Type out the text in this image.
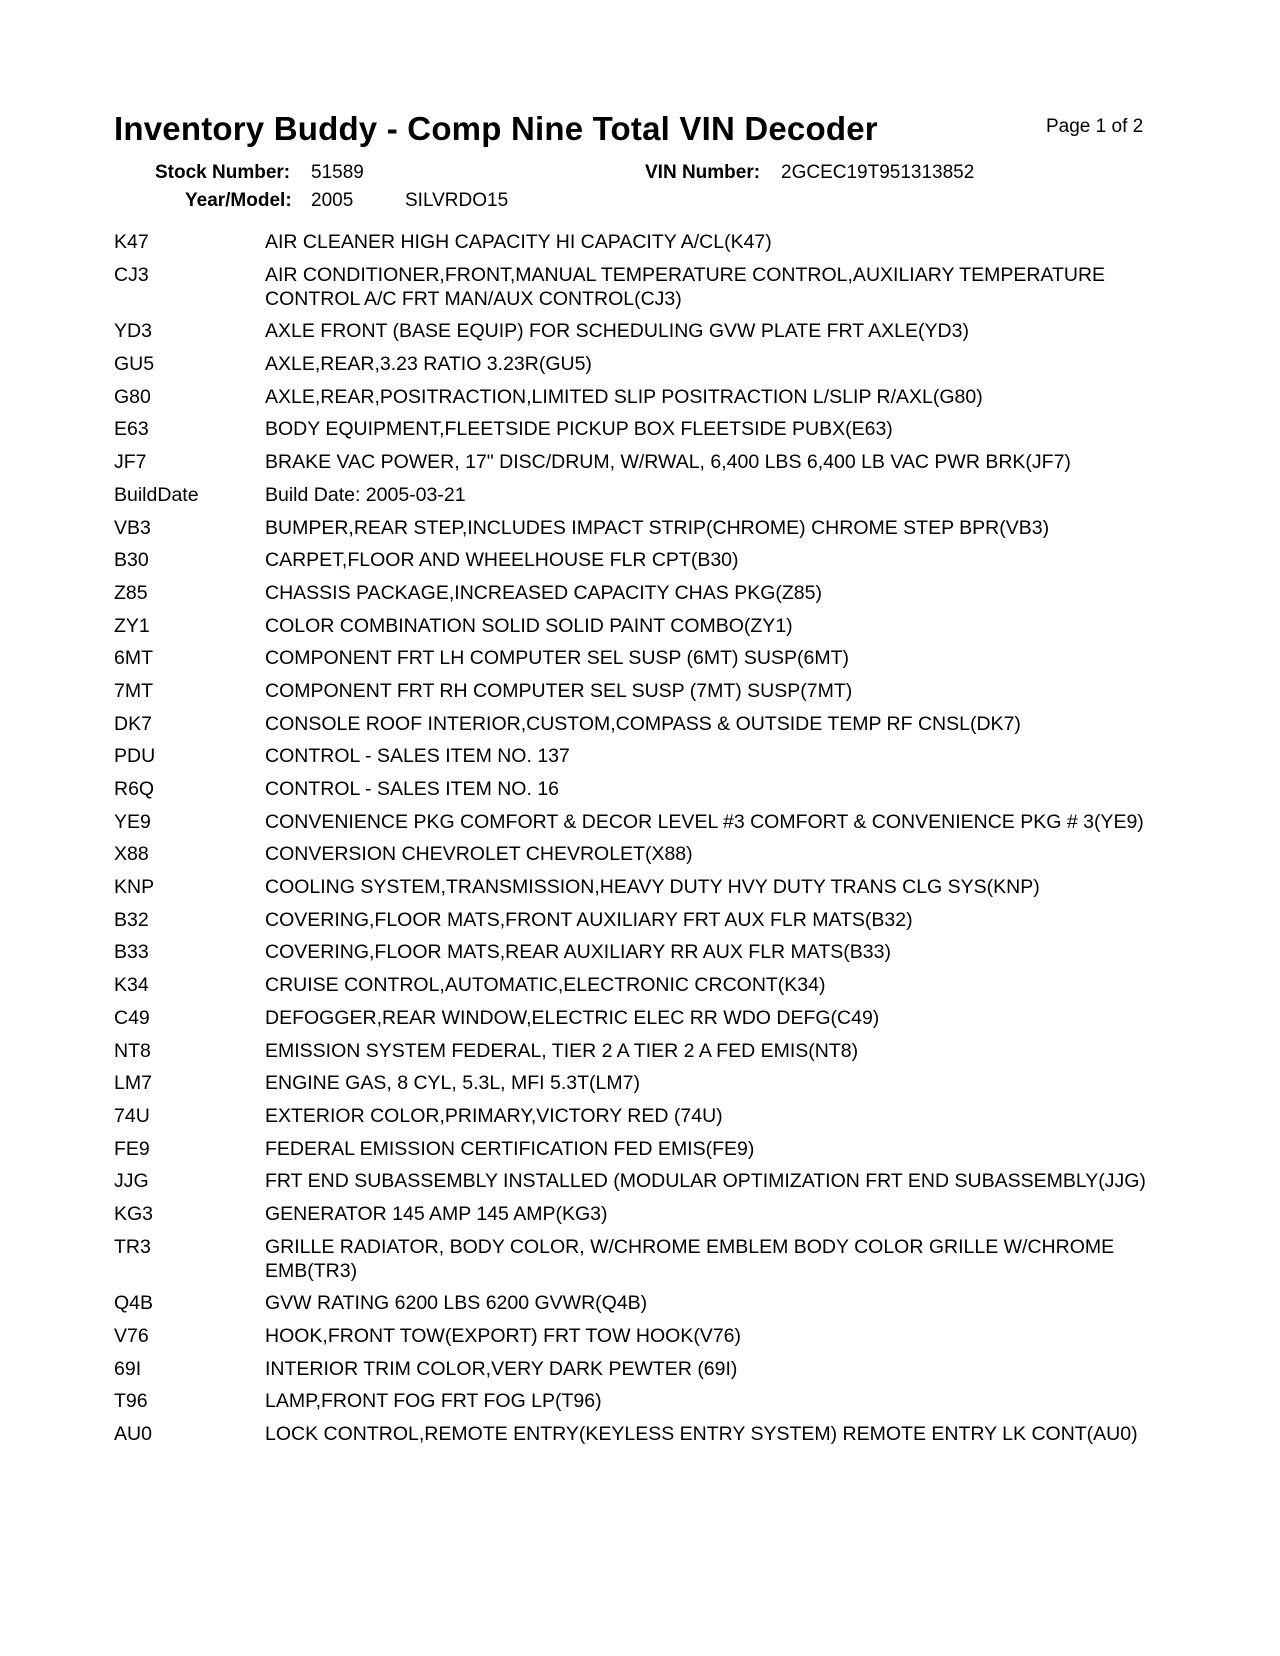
Inventory Buddy - Comp Nine Total VIN Decoder	Page 1 of 2
Stock Number: 51589	VIN Number: 2GCEC19T951313852
Year/Model: 2005	SILVRDO15
K47	AIR CLEANER HIGH CAPACITY HI CAPACITY A/CL(K47)
CJ3	AIR CONDITIONER,FRONT,MANUAL TEMPERATURE CONTROL,AUXILIARY TEMPERATURE CONTROL A/C FRT MAN/AUX CONTROL(CJ3)
YD3	AXLE FRONT (BASE EQUIP) FOR SCHEDULING GVW PLATE FRT AXLE(YD3)
GU5	AXLE,REAR,3.23 RATIO 3.23R(GU5)
G80	AXLE,REAR,POSITRACTION,LIMITED SLIP POSITRACTION L/SLIP R/AXL(G80)
E63	BODY EQUIPMENT,FLEETSIDE PICKUP BOX FLEETSIDE PUBX(E63)
JF7	BRAKE VAC POWER, 17" DISC/DRUM, W/RWAL, 6,400 LBS 6,400 LB VAC PWR BRK(JF7)
BuildDate	Build Date: 2005-03-21
VB3	BUMPER,REAR STEP,INCLUDES IMPACT STRIP(CHROME) CHROME STEP BPR(VB3)
B30	CARPET,FLOOR AND WHEELHOUSE FLR CPT(B30)
Z85	CHASSIS PACKAGE,INCREASED CAPACITY CHAS PKG(Z85)
ZY1	COLOR COMBINATION SOLID SOLID PAINT COMBO(ZY1)
6MT	COMPONENT FRT LH COMPUTER SEL SUSP (6MT) SUSP(6MT)
7MT	COMPONENT FRT RH COMPUTER SEL SUSP (7MT) SUSP(7MT)
DK7	CONSOLE ROOF INTERIOR,CUSTOM,COMPASS & OUTSIDE TEMP RF CNSL(DK7)
PDU	CONTROL - SALES ITEM NO. 137
R6Q	CONTROL - SALES ITEM NO. 16
YE9	CONVENIENCE PKG COMFORT & DECOR LEVEL #3 COMFORT & CONVENIENCE PKG # 3(YE9)
X88	CONVERSION CHEVROLET CHEVROLET(X88)
KNP	COOLING SYSTEM,TRANSMISSION,HEAVY DUTY HVY DUTY TRANS CLG SYS(KNP)
B32	COVERING,FLOOR MATS,FRONT AUXILIARY FRT AUX FLR MATS(B32)
B33	COVERING,FLOOR MATS,REAR AUXILIARY RR AUX FLR MATS(B33)
K34	CRUISE CONTROL,AUTOMATIC,ELECTRONIC CRCONT(K34)
C49	DEFOGGER,REAR WINDOW,ELECTRIC ELEC RR WDO DEFG(C49)
NT8	EMISSION SYSTEM FEDERAL, TIER 2 A TIER 2 A FED EMIS(NT8)
LM7	ENGINE GAS, 8 CYL, 5.3L, MFI 5.3T(LM7)
74U	EXTERIOR COLOR,PRIMARY,VICTORY RED (74U)
FE9	FEDERAL EMISSION CERTIFICATION FED EMIS(FE9)
JJG	FRT END SUBASSEMBLY INSTALLED (MODULAR OPTIMIZATION FRT END SUBASSEMBLY(JJG)
KG3	GENERATOR 145 AMP 145 AMP(KG3)
TR3	GRILLE RADIATOR, BODY COLOR, W/CHROME EMBLEM BODY COLOR GRILLE W/CHROME EMB(TR3)
Q4B	GVW RATING 6200 LBS 6200 GVWR(Q4B)
V76	HOOK,FRONT TOW(EXPORT) FRT TOW HOOK(V76)
69I	INTERIOR TRIM COLOR,VERY DARK PEWTER (69I)
T96	LAMP,FRONT FOG FRT FOG LP(T96)
AU0	LOCK CONTROL,REMOTE ENTRY(KEYLESS ENTRY SYSTEM) REMOTE ENTRY LK CONT(AU0)
